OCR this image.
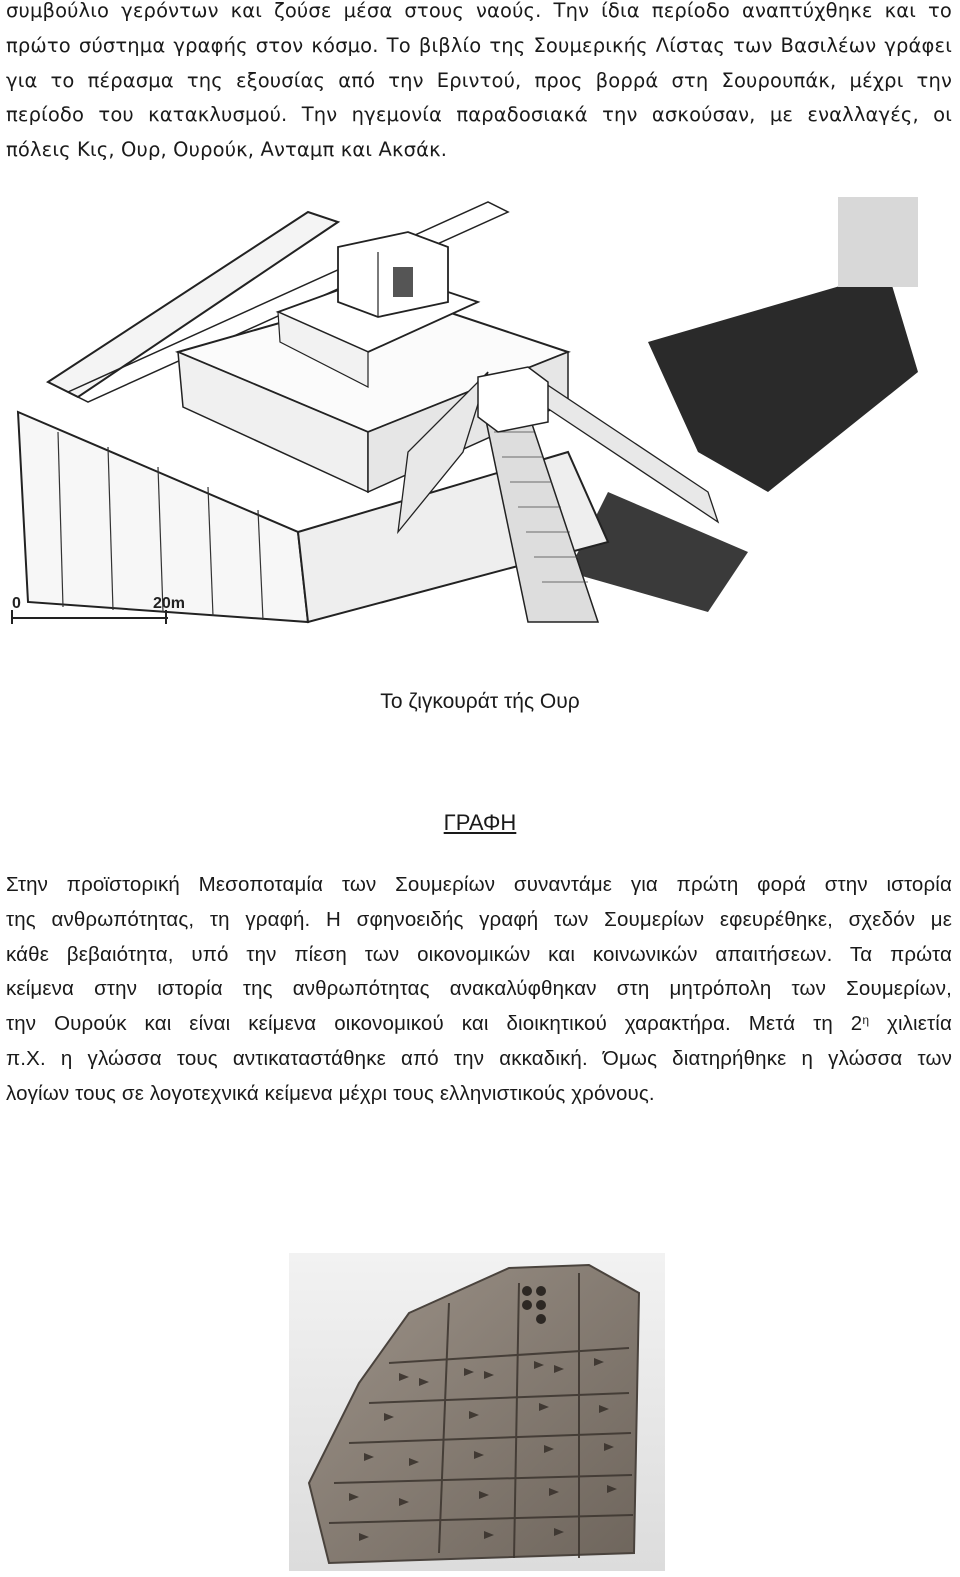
συμβούλιο γερόντων και ζούσε μέσα στους ναούς. Την ίδια περίοδο αναπτύχθηκε και το
πρώτο σύστημα γραφής στον κόσμο. Το βιβλίο της Σουμερικής Λίστας των Βασιλέων γράφει
για το πέρασμα της εξουσίας από την Εριντού, προς βορρά στη Σουρουπάκ, μέχρι την
περίοδο του κατακλυσμού. Την ηγεμονία παραδοσιακά την ασκούσαν, με εναλλαγές, οι
πόλεις Κις, Ουρ, Ουρούκ, Ανταμπ και Ακσάκ.
0	20m
Το ζιγκουράτ τής Ουρ
ΓΡΑΦΗ
Στην προϊστορική Μεσοποταμία των Σουμερίων συναντάμε για πρώτη φορά στην ιστορία
της ανθρωπότητας, τη γραφή. Η σφηνοειδής γραφή των Σουμερίων εφευρέθηκε, σχεδόν με
κάθε βεβαιότητα, υπό την πίεση των οικονομικών και κοινωνικών απαιτήσεων. Τα πρώτα
κείμενα στην ιστορία της ανθρωπότητας ανακαλύφθηκαν στη μητρόπολη των Σουμερίων,
την Ουρούκ και είναι κείμενα οικονομικού και διοικητικού χαρακτήρα. Μετά τη $2^\eta$ χιλιετία
π.Χ. η γλώσσα τους αντικαταστάθηκε από την ακκαδική. Όμως διατηρήθηκε η γλώσσα των
λογίων τους σε λογοτεχνικά κείμενα μέχρι τους ελληνιστικούς χρόνους.
